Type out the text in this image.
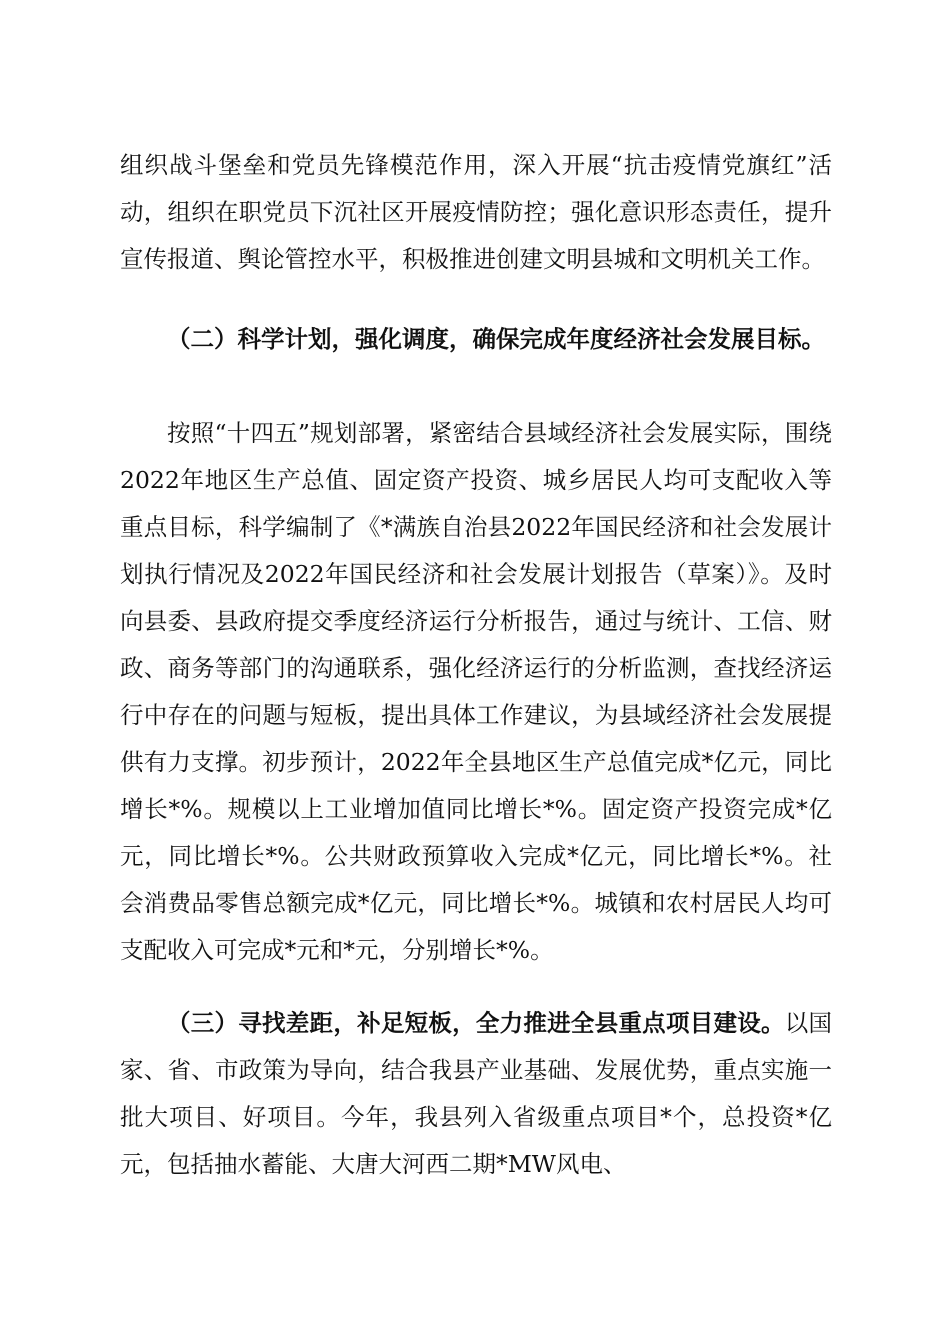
组织战斗堡垒和党员先锋模范作用，深入开展“抗击疫情党旗红”活动，组织在职党员下沉社区开展疫情防控；强化意识形态责任，提升宣传报道、舆论管控水平，积极推进创建文明县城和文明机关工作。

（二）科学计划，强化调度，确保完成年度经济社会发展目标。

按照“十四五”规划部署，紧密结合县域经济社会发展实际，围绕2022年地区生产总值、固定资产投资、城乡居民人均可支配收入等重点目标，科学编制了《*满族自治县2022年国民经济和社会发展计划执行情况及2022年国民经济和社会发展计划报告（草案）》。及时向县委、县政府提交季度经济运行分析报告，通过与统计、工信、财政、商务等部门的沟通联系，强化经济运行的分析监测，查找经济运行中存在的问题与短板，提出具体工作建议，为县域经济社会发展提供有力支撑。初步预计，2022年全县地区生产总值完成*亿元，同比增长*%。规模以上工业增加值同比增长*%。固定资产投资完成*亿元，同比增长*%。公共财政预算收入完成*亿元，同比增长*%。社会消费品零售总额完成*亿元，同比增长*%。城镇和农村居民人均可支配收入可完成*元和*元，分别增长*%。

（三）寻找差距，补足短板，全力推进全县重点项目建设。以国家、省、市政策为导向，结合我县产业基础、发展优势，重点实施一批大项目、好项目。今年，我县列入省级重点项目*个，总投资*亿元，包括抽水蓄能、大唐大河西二期*MW风电、
